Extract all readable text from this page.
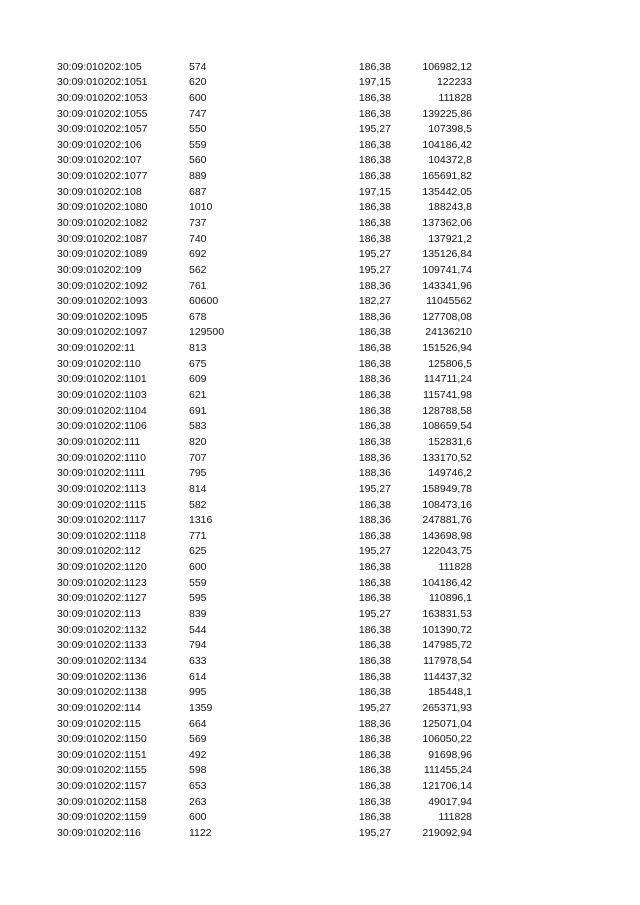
30:09:010202:105	574	186,38	106982,12
30:09:010202:1051	620	197,15	122233
30:09:010202:1053	600	186,38	111828
30:09:010202:1055	747	186,38	139225,86
30:09:010202:1057	550	195,27	107398,5
30:09:010202:106	559	186,38	104186,42
30:09:010202:107	560	186,38	104372,8
30:09:010202:1077	889	186,38	165691,82
30:09:010202:108	687	197,15	135442,05
30:09:010202:1080	1010	186,38	188243,8
30:09:010202:1082	737	186,38	137362,06
30:09:010202:1087	740	186,38	137921,2
30:09:010202:1089	692	195,27	135126,84
30:09:010202:109	562	195,27	109741,74
30:09:010202:1092	761	188,36	143341,96
30:09:010202:1093	60600	182,27	11045562
30:09:010202:1095	678	188,36	127708,08
30:09:010202:1097	129500	186,38	24136210
30:09:010202:11	813	186,38	151526,94
30:09:010202:110	675	186,38	125806,5
30:09:010202:1101	609	188,36	114711,24
30:09:010202:1103	621	186,38	115741,98
30:09:010202:1104	691	186,38	128788,58
30:09:010202:1106	583	186,38	108659,54
30:09:010202:111	820	186,38	152831,6
30:09:010202:1110	707	188,36	133170,52
30:09:010202:1111	795	188,36	149746,2
30:09:010202:1113	814	195,27	158949,78
30:09:010202:1115	582	186,38	108473,16
30:09:010202:1117	1316	188,36	247881,76
30:09:010202:1118	771	186,38	143698,98
30:09:010202:112	625	195,27	122043,75
30:09:010202:1120	600	186,38	111828
30:09:010202:1123	559	186,38	104186,42
30:09:010202:1127	595	186,38	110896,1
30:09:010202:113	839	195,27	163831,53
30:09:010202:1132	544	186,38	101390,72
30:09:010202:1133	794	186,38	147985,72
30:09:010202:1134	633	186,38	117978,54
30:09:010202:1136	614	186,38	114437,32
30:09:010202:1138	995	186,38	185448,1
30:09:010202:114	1359	195,27	265371,93
30:09:010202:115	664	188,36	125071,04
30:09:010202:1150	569	186,38	106050,22
30:09:010202:1151	492	186,38	91698,96
30:09:010202:1155	598	186,38	111455,24
30:09:010202:1157	653	186,38	121706,14
30:09:010202:1158	263	186,38	49017,94
30:09:010202:1159	600	186,38	111828
30:09:010202:116	1122	195,27	219092,94
